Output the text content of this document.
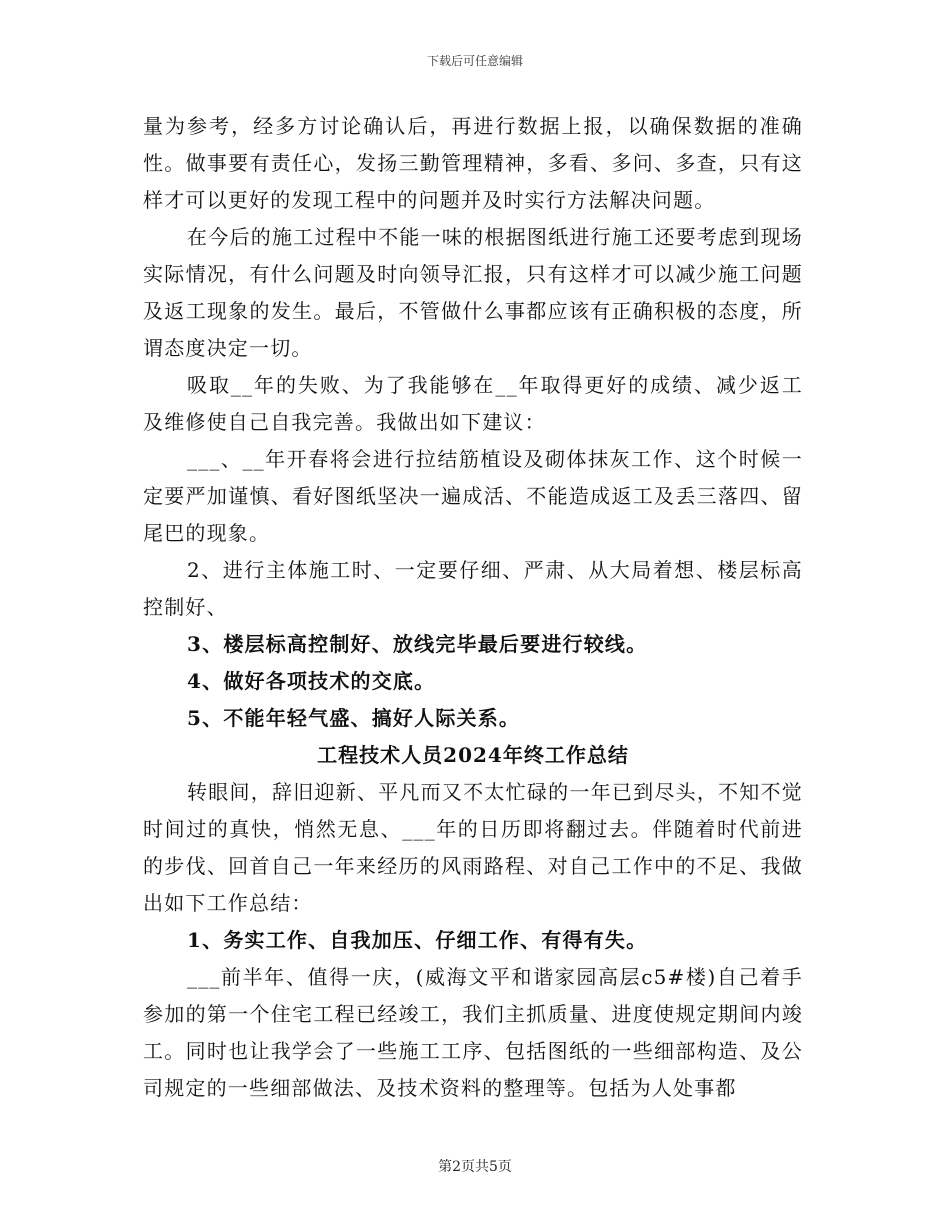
下载后可任意编辑

量为参考，经多方讨论确认后，再进行数据上报，以确保数据的准确性。做事要有责任心，发扬三勤管理精神，多看、多问、多查，只有这样才可以更好的发现工程中的问题并及时实行方法解决问题。

在今后的施工过程中不能一味的根据图纸进行施工还要考虑到现场实际情况，有什么问题及时向领导汇报，只有这样才可以减少施工问题及返工现象的发生。最后，不管做什么事都应该有正确积极的态度，所谓态度决定一切。

吸取__年的失败、为了我能够在__年取得更好的成绩、减少返工及维修使自己自我完善。我做出如下建议：

___、__年开春将会进行拉结筋植设及砌体抹灰工作、这个时候一定要严加谨慎、看好图纸坚决一遍成活、不能造成返工及丢三落四、留尾巴的现象。

2、进行主体施工时、一定要仔细、严肃、从大局着想、楼层标高控制好、

3、楼层标高控制好、放线完毕最后要进行较线。

4、做好各项技术的交底。

5、不能年轻气盛、搞好人际关系。

工程技术人员2024年终工作总结

转眼间，辞旧迎新、平凡而又不太忙碌的一年已到尽头，不知不觉时间过的真快，悄然无息、___年的日历即将翻过去。伴随着时代前进的步伐、回首自己一年来经历的风雨路程、对自己工作中的不足、我做出如下工作总结：

1、务实工作、自我加压、仔细工作、有得有失。

___前半年、值得一庆，(威海文平和谐家园高层c5#楼)自己着手参加的第一个住宅工程已经竣工，我们主抓质量、进度使规定期间内竣工。同时也让我学会了一些施工工序、包括图纸的一些细部构造、及公司规定的一些细部做法、及技术资料的整理等。包括为人处事都

第2页共5页
